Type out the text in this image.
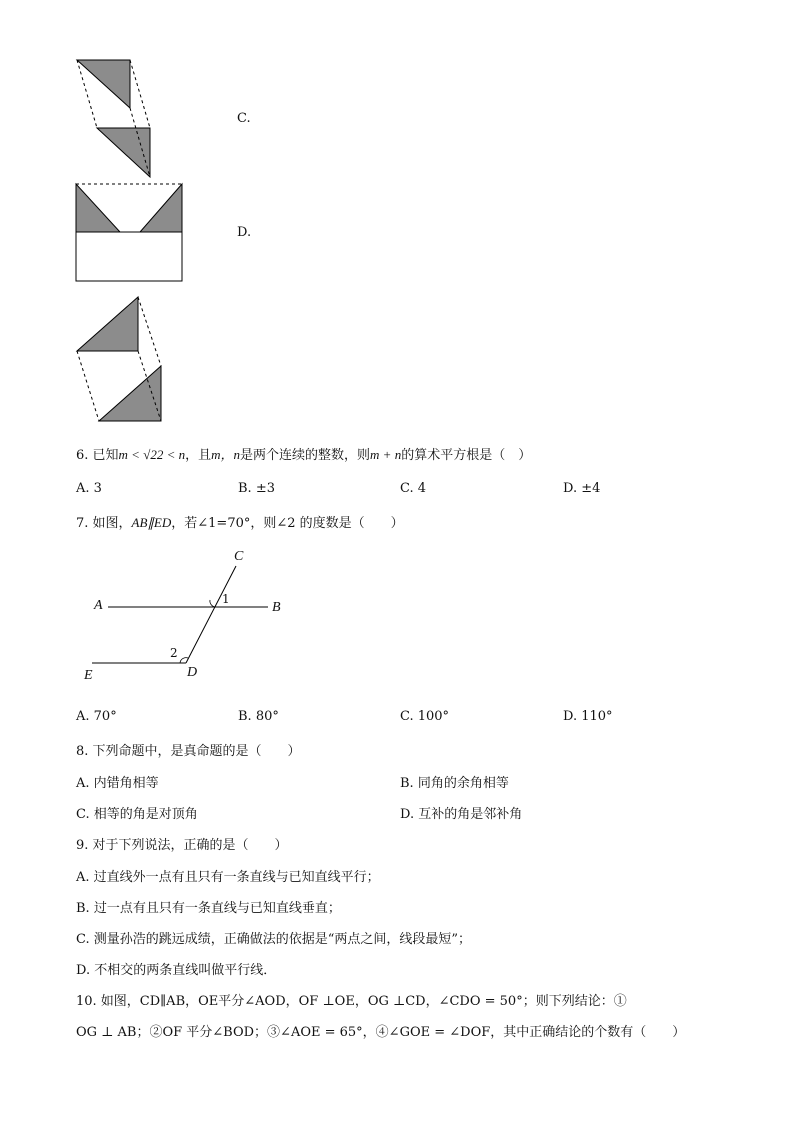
C.
D.
6. 已知m < √22 < n，且m，n是两个连续的整数，则m + n的算术平方根是（　）
A. 3	B. ±3	C. 4	D. ±4
7. 如图，AB∥ED，若∠1=70°，则∠2 的度数是（　　）
C
A	B
1
2
D
E
A. 70°	B. 80°	C. 100°	D. 110°
8. 下列命题中，是真命题的是（　　）
A. 内错角相等	B. 同角的余角相等
C. 相等的角是对顶角	D. 互补的角是邻补角
9. 对于下列说法，正确的是（　　）
A. 过直线外一点有且只有一条直线与已知直线平行；
B. 过一点有且只有一条直线与已知直线垂直；
C. 测量孙浩的跳远成绩，正确做法的依据是“两点之间，线段最短”；
D. 不相交的两条直线叫做平行线．
10. 如图，CD∥AB，OE平分∠AOD，OF ⊥OE，OG ⊥CD，∠CDO = 50°；则下列结论：①
OG ⊥ AB；②OF 平分∠BOD；③∠AOE = 65°，④∠GOE = ∠DOF，其中正确结论的个数有（　　）
